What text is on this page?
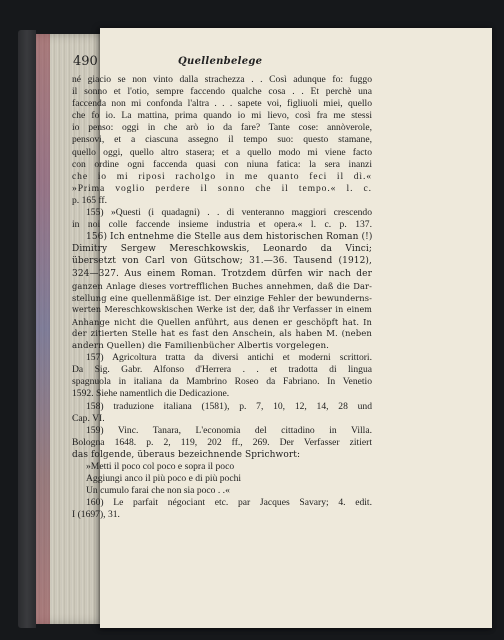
490	Quellenbelege
né giacio se non vinto dalla strachezza . . Così adunque fo: fuggo
il sonno et l'otio, sempre faccendo qualche cosa . . Et perchè una
faccenda non mi confonda l'altra . . . sapete voi, figliuoli miei, quello
che fo io. La mattina, prima quando io mi lievo, così fra me stessi
io penso: oggi in che arò io da fare? Tante cose: annòverole,
pensovi, et a ciascuna assegno il tempo suo: questo stamane,
quello oggi, quello altro stasera; et a quello modo mi viene facto
con ordine ogni faccenda quasi con niuna fatica: la sera inanzi
che io mi riposi racholgo in me quanto feci il dì.«
»Prima voglio perdere il sonno che il tempo.« l. c.
p. 165 ff.
155) »Questi (i quadagni) . . di venteranno maggiori crescendo
in noi colle faccende insieme industria et opera.« l. c. p. 137.
156) Ich entnehme die Stelle aus dem historischen Roman (!)
Dimitry Sergew Mereschkowskis, Leonardo da Vinci;
übersetzt von Carl von Gütschow; 31.—36. Tausend (1912),
324—327. Aus einem Roman. Trotzdem dürfen wir nach der
ganzen Anlage dieses vortrefflichen Buches annehmen, daß die Dar-
stellung eine quellenmäßige ist. Der einzige Fehler der bewunderns-
werten Mereschkowskischen Werke ist der, daß ihr Verfasser in einem
Anhange nicht die Quellen anführt, aus denen er geschöpft hat. In
der zitierten Stelle hat es fast den Anschein, als haben M. (neben
andern Quellen) die Familienbücher Albertis vorgelegen.
157) Agricoltura tratta da diversi antichi et moderni scrittori.
Da Sig. Gabr. Alfonso d'Herrera . . et tradotta di lingua
spagnuola in italiana da Mambrino Roseo da Fabriano. In Venetio
1592. Siehe namentlich die Dedicazione.
158) traduzione italiana (1581), p. 7, 10, 12, 14, 28 und
Cap. VI.
159) Vinc. Tanara, L'economia del cittadino in Villa.
Bologna 1648. p. 2, 119, 202 ff., 269. Der Verfasser zitiert
das folgende, überaus bezeichnende Sprichwort:
»Metti il poco col poco e sopra il poco
Aggiungi anco il più poco e di più pochi
Un cumulo farai che non sia poco . .«
160) Le parfait négociant etc. par Jacques Savary; 4. edit.
I (1697), 31.
